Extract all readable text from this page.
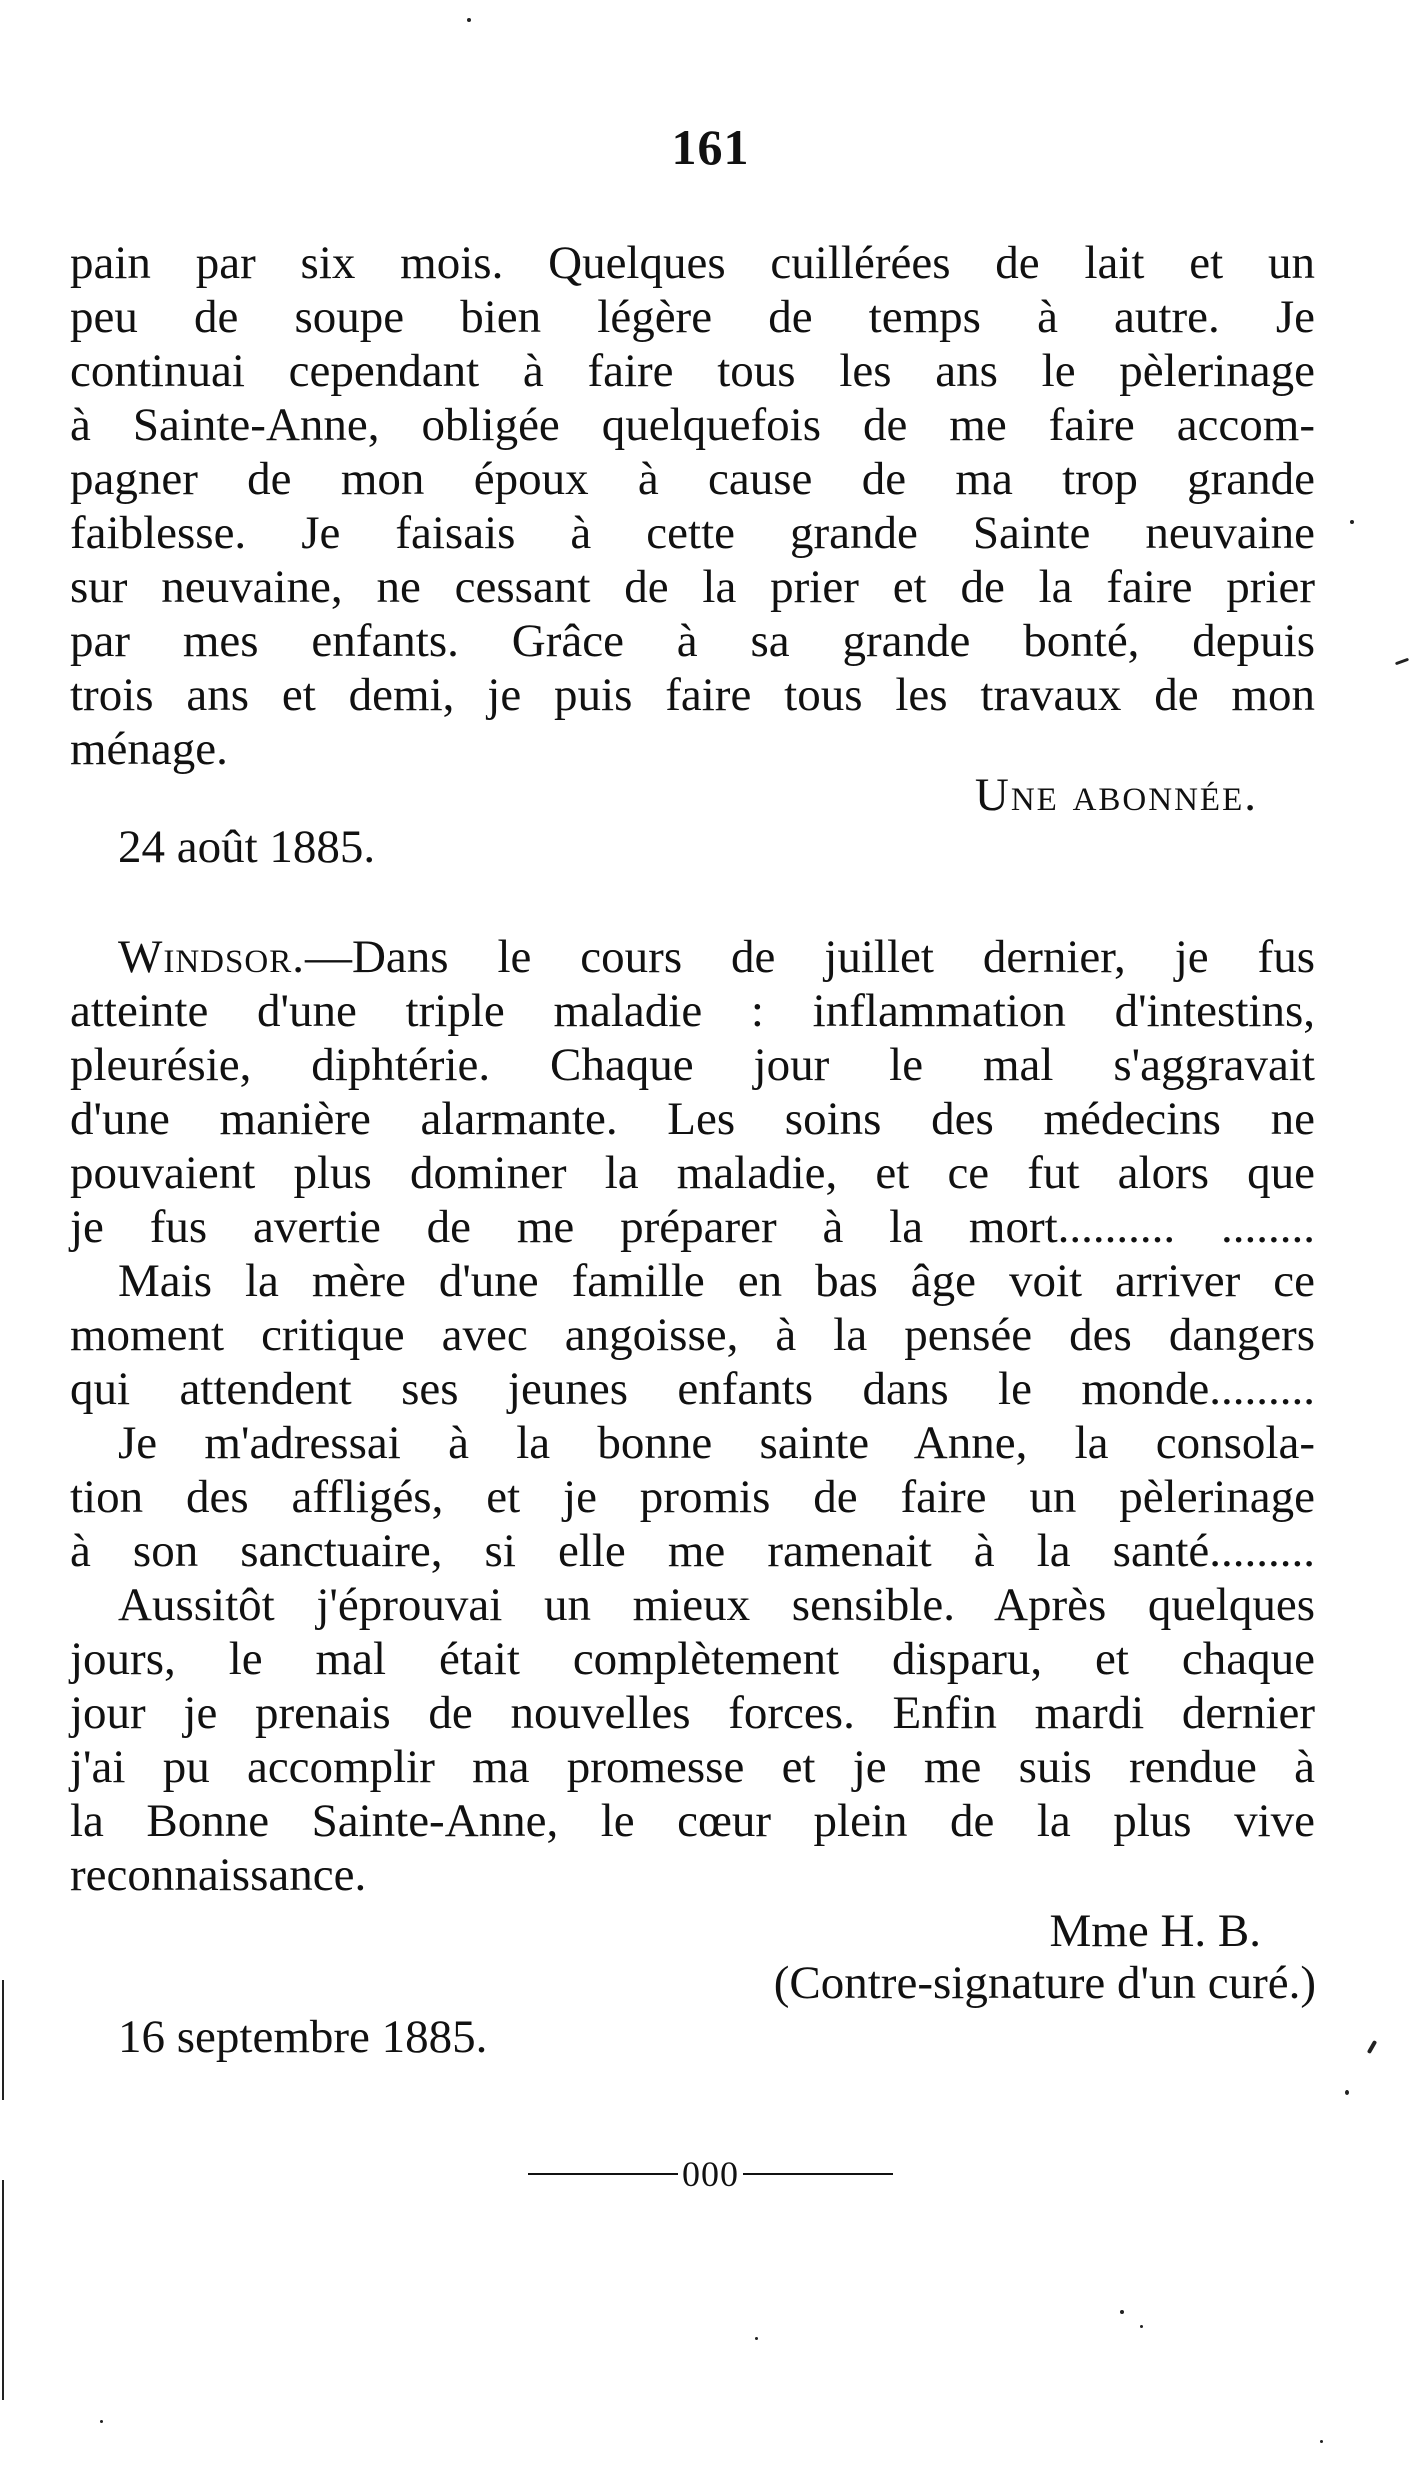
161
pain par six mois. Quelques cuillérées de lait et un
peu de soupe bien légère de temps à autre. Je
continuai cependant à faire tous les ans le pèlerinage
à Sainte-Anne, obligée quelquefois de me faire accom-
pagner de mon époux à cause de ma trop grande
faiblesse. Je faisais à cette grande Sainte neuvaine
sur neuvaine, ne cessant de la prier et de la faire prier
par mes enfants. Grâce à sa grande bonté, depuis
trois ans et demi, je puis faire tous les travaux de mon
ménage.
Une abonnée.
24 août 1885.
Windsor.—Dans le cours de juillet dernier, je fus
atteinte d'une triple maladie : inflammation d'intestins,
pleurésie, diphtérie. Chaque jour le mal s'aggravait
d'une manière alarmante. Les soins des médecins ne
pouvaient plus dominer la maladie, et ce fut alors que
je fus avertie de me préparer à la mort.......... ........
Mais la mère d'une famille en bas âge voit arriver ce
moment critique avec angoisse, à la pensée des dangers
qui attendent ses jeunes enfants dans le monde.........
Je m'adressai à la bonne sainte Anne, la consola-
tion des affligés, et je promis de faire un pèlerinage
à son sanctuaire, si elle me ramenait à la santé.........
Aussitôt j'éprouvai un mieux sensible. Après quelques
jours, le mal était complètement disparu, et chaque
jour je prenais de nouvelles forces. Enfin mardi dernier
j'ai pu accomplir ma promesse et je me suis rendue à
la Bonne Sainte-Anne, le cœur plein de la plus vive
reconnaissance.
Mme H. B.
(Contre-signature d'un curé.)
16 septembre 1885.
000
